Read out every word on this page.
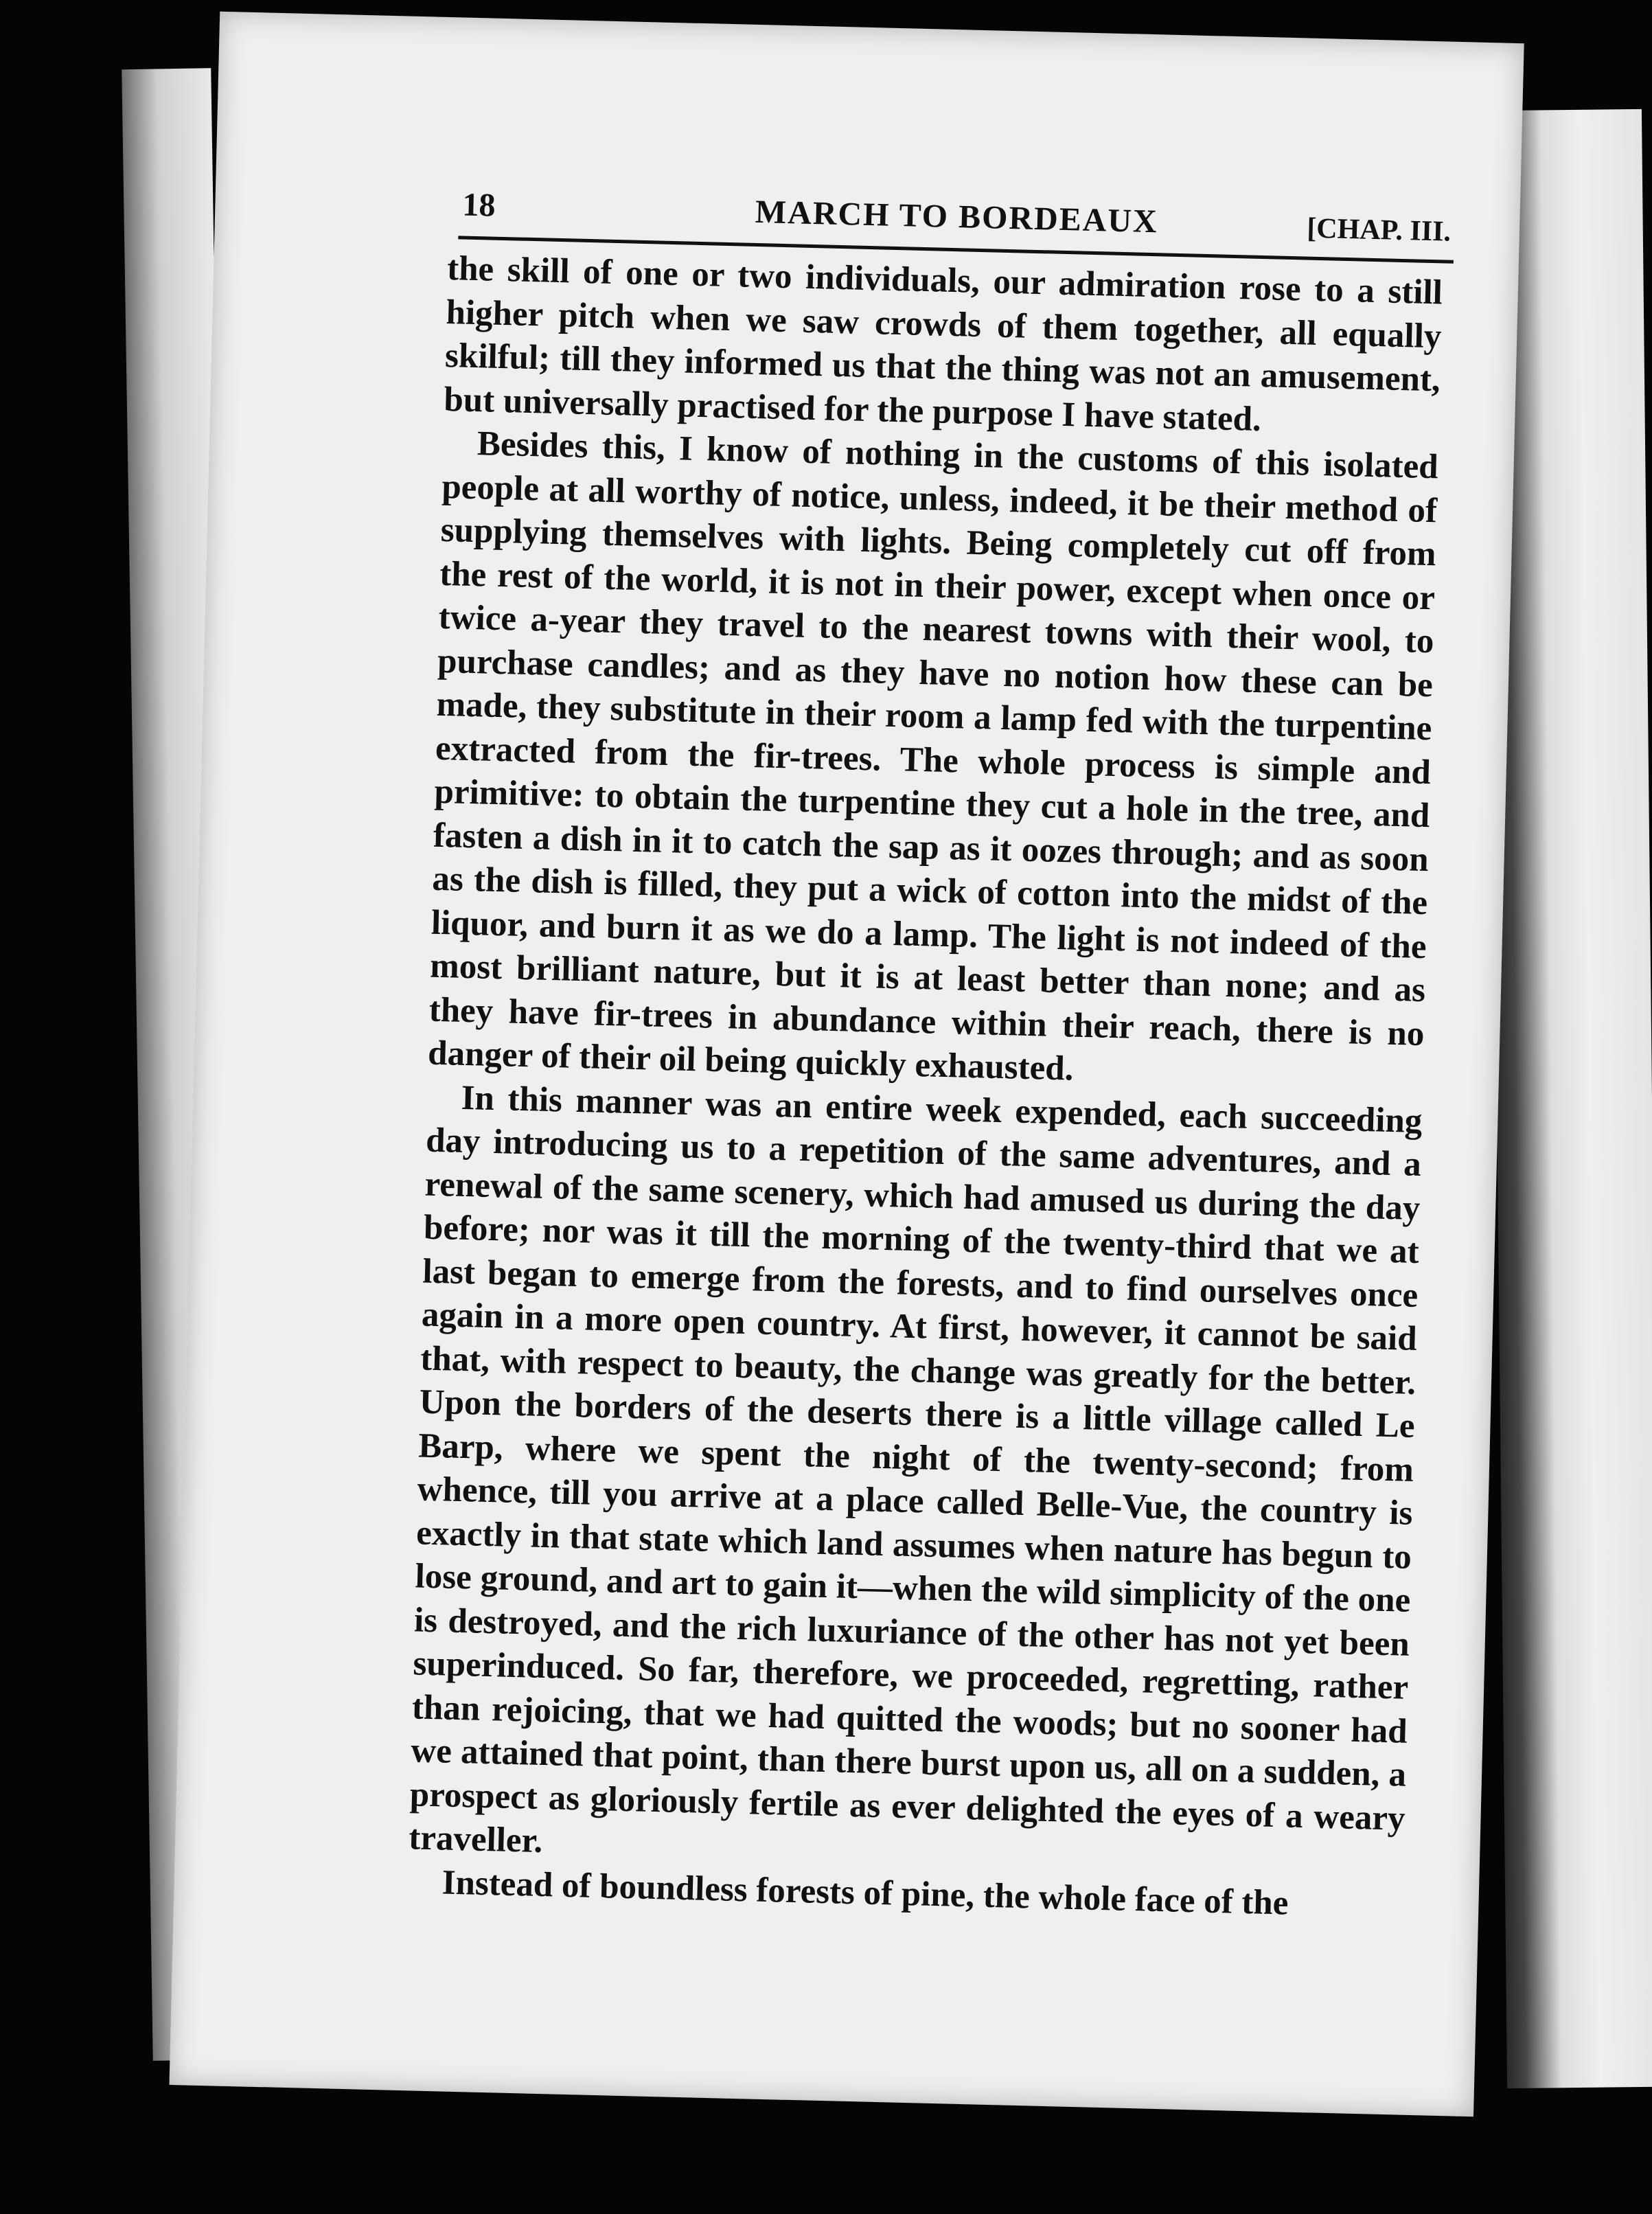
18	MARCH TO BORDEAUX	[CHAP. III.

the skill of one or two individuals, our admiration rose to a still higher pitch when we saw crowds of them together, all equally skilful; till they informed us that the thing was not an amusement, but universally practised for the purpose I have stated.

Besides this, I know of nothing in the customs of this isolated people at all worthy of notice, unless, indeed, it be their method of supplying themselves with lights. Being completely cut off from the rest of the world, it is not in their power, except when once or twice a-year they travel to the nearest towns with their wool, to purchase candles; and as they have no notion how these can be made, they substitute in their room a lamp fed with the turpentine extracted from the fir-trees. The whole process is simple and primitive: to obtain the turpentine they cut a hole in the tree, and fasten a dish in it to catch the sap as it oozes through; and as soon as the dish is filled, they put a wick of cotton into the midst of the liquor, and burn it as we do a lamp. The light is not indeed of the most brilliant nature, but it is at least better than none; and as they have fir-trees in abundance within their reach, there is no danger of their oil being quickly exhausted.

In this manner was an entire week expended, each succeeding day introducing us to a repetition of the same adventures, and a renewal of the same scenery, which had amused us during the day before; nor was it till the morning of the twenty-third that we at last began to emerge from the forests, and to find ourselves once again in a more open country. At first, however, it cannot be said that, with respect to beauty, the change was greatly for the better. Upon the borders of the deserts there is a little village called Le Barp, where we spent the night of the twenty-second; from whence, till you arrive at a place called Belle-Vue, the country is exactly in that state which land assumes when nature has begun to lose ground, and art to gain it—when the wild simplicity of the one is destroyed, and the rich luxuriance of the other has not yet been superinduced. So far, therefore, we proceeded, regretting, rather than rejoicing, that we had quitted the woods; but no sooner had we attained that point, than there burst upon us, all on a sudden, a prospect as gloriously fertile as ever delighted the eyes of a weary traveller.

Instead of boundless forests of pine, the whole face of the
